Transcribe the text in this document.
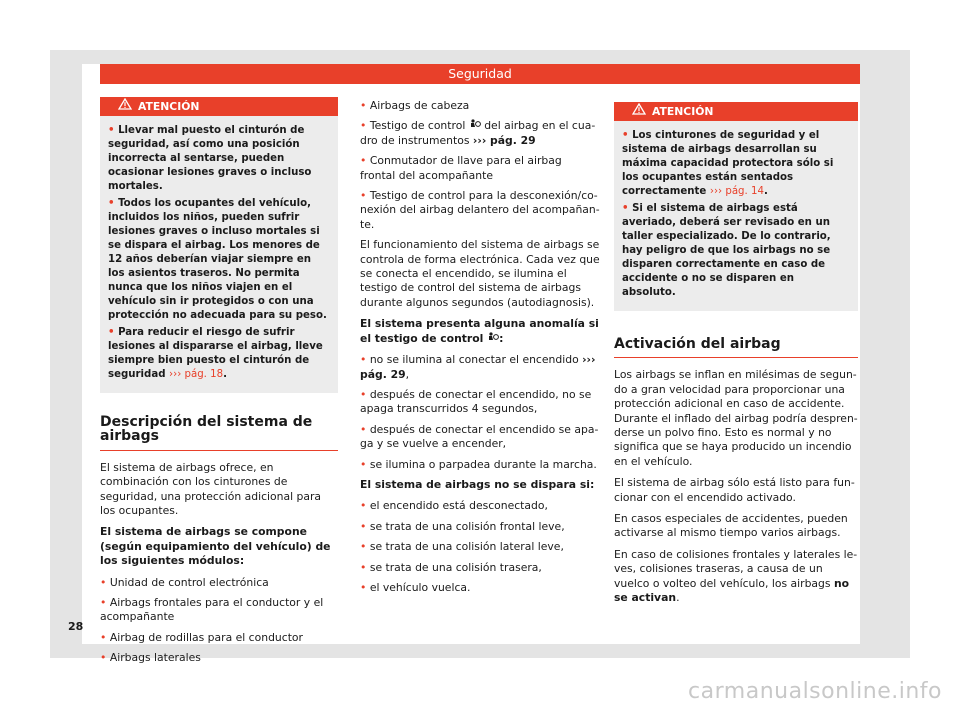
Seguridad
ATENCIÓN
• Llevar mal puesto el cinturón de seguridad, así como una posición incorrecta al sentarse, pueden ocasionar lesiones graves o incluso mortales.
• Todos los ocupantes del vehículo, incluidos los niños, pueden sufrir lesiones graves o incluso mortales si se dispara el airbag. Los menores de 12 años deberían viajar siempre en los asientos traseros. No permita nunca que los niños viajen en el vehículo sin ir protegidos o con una protección no adecuada para su peso.
• Para reducir el riesgo de sufrir lesiones al dispararse el airbag, lleve siempre bien puesto el cinturón de seguridad ››› pág. 18.
Descripción del sistema de airbags

El sistema de airbags ofrece, en combinación con los cinturones de seguridad, una protección adicional para los ocupantes.

El sistema de airbags se compone (según equipamiento del vehículo) de los siguientes módulos:

• Unidad de control electrónica
• Airbags frontales para el conductor y el acompañante
• Airbag de rodillas para el conductor
• Airbags laterales
• Airbags de cabeza
• Testigo de control del airbag en el cuadro de instrumentos ››› pág. 29
• Conmutador de llave para el airbag frontal del acompañante
• Testigo de control para la desconexión/conexión del airbag delantero del acompañante.

El funcionamiento del sistema de airbags se controla de forma electrónica. Cada vez que se conecta el encendido, se ilumina el testigo de control del sistema de airbags durante algunos segundos (autodiagnosis).

El sistema presenta alguna anomalía si el testigo de control :

• no se ilumina al conectar el encendido ››› pág. 29,
• después de conectar el encendido, no se apaga transcurridos 4 segundos,
• después de conectar el encendido se apaga y se vuelve a encender,
• se ilumina o parpadea durante la marcha.

El sistema de airbags no se dispara si:

• el encendido está desconectado,
• se trata de una colisión frontal leve,
• se trata de una colisión lateral leve,
• se trata de una colisión trasera,
• el vehículo vuelca.
ATENCIÓN
• Los cinturones de seguridad y el sistema de airbags desarrollan su máxima capacidad protectora sólo si los ocupantes están sentados correctamente ››› pág. 14.
• Si el sistema de airbags está averiado, deberá ser revisado en un taller especializado. De lo contrario, hay peligro de que los airbags no se disparen correctamente en caso de accidente o no se disparen en absoluto.
Activación del airbag

Los airbags se inflan en milésimas de segundo a gran velocidad para proporcionar una protección adicional en caso de accidente. Durante el inflado del airbag podría desprenderse un polvo fino. Esto es normal y no significa que se haya producido un incendio en el vehículo.

El sistema de airbag sólo está listo para funcionar con el encendido activado.

En casos especiales de accidentes, pueden activarse al mismo tiempo varios airbags.

En caso de colisiones frontales y laterales leves, colisiones traseras, a causa de un vuelco o volteo del vehículo, los airbags no se activan.

28
carmanualsonline.info
